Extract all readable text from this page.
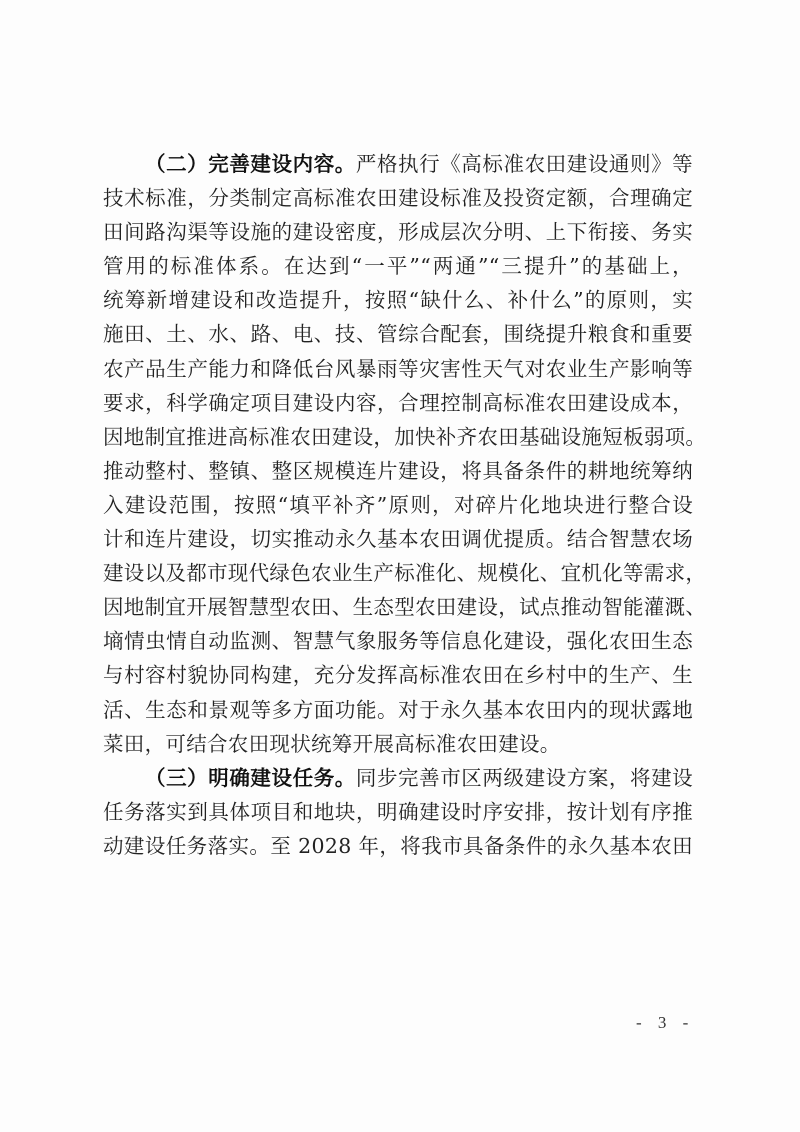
（二）完善建设内容。严格执行《高标准农田建设通则》等
技术标准，分类制定高标准农田建设标准及投资定额，合理确定
田间路沟渠等设施的建设密度，形成层次分明、上下衔接、务实
管用的标准体系。在达到“一平”“两通”“三提升”的基础上，
统筹新增建设和改造提升，按照“缺什么、补什么”的原则，实
施田、土、水、路、电、技、管综合配套，围绕提升粮食和重要
农产品生产能力和降低台风暴雨等灾害性天气对农业生产影响等
要求，科学确定项目建设内容，合理控制高标准农田建设成本，
因地制宜推进高标准农田建设，加快补齐农田基础设施短板弱项。
推动整村、整镇、整区规模连片建设，将具备条件的耕地统筹纳
入建设范围，按照“填平补齐”原则，对碎片化地块进行整合设
计和连片建设，切实推动永久基本农田调优提质。结合智慧农场
建设以及都市现代绿色农业生产标准化、规模化、宜机化等需求，
因地制宜开展智慧型农田、生态型农田建设，试点推动智能灌溉、
墒情虫情自动监测、智慧气象服务等信息化建设，强化农田生态
与村容村貌协同构建，充分发挥高标准农田在乡村中的生产、生
活、生态和景观等多方面功能。对于永久基本农田内的现状露地
菜田，可结合农田现状统筹开展高标准农田建设。
（三）明确建设任务。同步完善市区两级建设方案，将建设
任务落实到具体项目和地块，明确建设时序安排，按计划有序推
动建设任务落实。至 2028 年，将我市具备条件的永久基本农田
- 3 -
